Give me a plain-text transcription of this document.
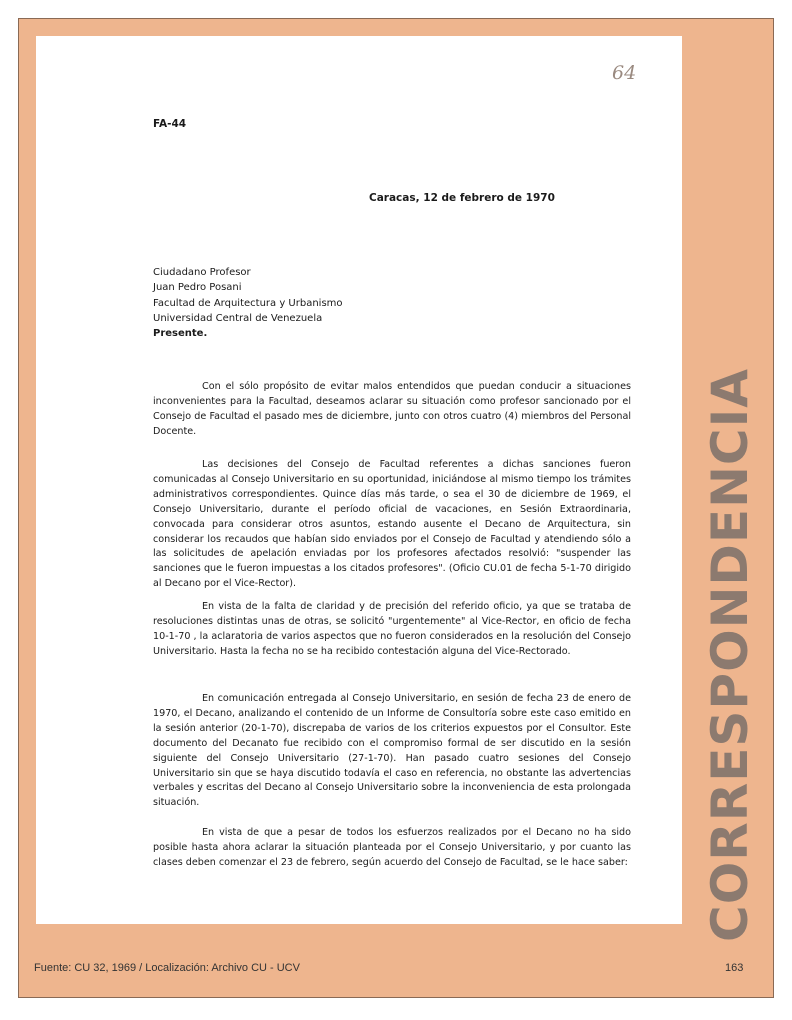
64
FA-44
Caracas, 12 de febrero de 1970
Ciudadano Profesor
Juan Pedro Posani
Facultad de Arquitectura y Urbanismo
Universidad Central de Venezuela
Presente.

Con el sólo propósito de evitar malos entendidos que puedan conducir a situaciones inconvenientes para la Facultad, deseamos aclarar su situación como profesor sancionado por el Consejo de Facultad el pasado mes de diciembre, junto con otros cuatro (4) miembros del Personal Docente.

Las decisiones del Consejo de Facultad referentes a dichas sanciones fueron comunicadas al Consejo Universitario en su oportunidad, iniciándose al mismo tiempo los trámites administrativos correspondientes. Quince días más tarde, o sea el 30 de diciembre de 1969, el Consejo Universitario, durante el período oficial de vacaciones, en Sesión Extraordinaria, convocada para considerar otros asuntos, estando ausente el Decano de Arquitectura, sin considerar los recaudos que habían sido enviados por el Consejo de Facultad y atendiendo sólo a las solicitudes de apelación enviadas por los profesores afectados resolvió: "suspender las sanciones que le fueron impuestas a los citados profesores". (Oficio CU.01 de fecha 5-1-70 dirigido al Decano por el Vice-Rector).

En vista de la falta de claridad y de precisión del referido oficio, ya que se trataba de resoluciones distintas unas de otras, se solicitó "urgentemente" al Vice-Rector, en oficio de fecha 10-1-70 , la aclaratoria de varios aspectos que no fueron considerados en la resolución del Consejo Universitario. Hasta la fecha no se ha recibido contestación alguna del Vice-Rectorado.

En comunicación entregada al Consejo Universitario, en sesión de fecha 23 de enero de 1970, el Decano, analizando el contenido de un Informe de Consultoría sobre este caso emitido en la sesión anterior (20-1-70), discrepaba de varios de los criterios expuestos por el Consultor. Este documento del Decanato fue recibido con el compromiso formal de ser discutido en la sesión siguiente del Consejo Universitario (27-1-70). Han pasado cuatro sesiones del Consejo Universitario sin que se haya discutido todavía el caso en referencia, no obstante las advertencias verbales y escritas del Decano al Consejo Universitario sobre la inconveniencia de esta prolongada situación.

En vista de que a pesar de todos los esfuerzos realizados por el Decano no ha sido posible hasta ahora aclarar la situación planteada por el Consejo Universitario, y por cuanto las clases deben comenzar el 23 de febrero, según acuerdo del Consejo de Facultad, se le hace saber: CORRESPONDENCIA
Fuente: CU 32, 1969 / Localización: Archivo CU - UCV	163
